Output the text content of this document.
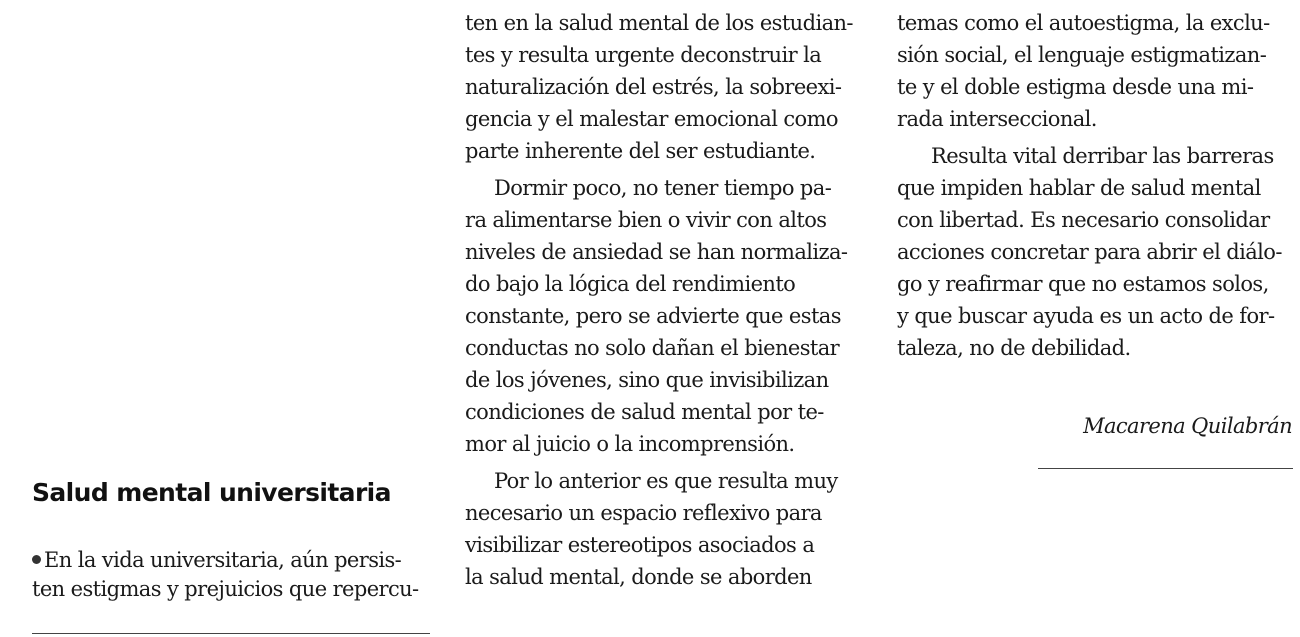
Salud mental universitaria
En la vida universitaria, aún persis-
ten estigmas y prejuicios que repercu-
ten en la salud mental de los estudian-
tes y resulta urgente deconstruir la
naturalización del estrés, la sobreexi-
gencia y el malestar emocional como
parte inherente del ser estudiante.
Dormir poco, no tener tiempo pa-
ra alimentarse bien o vivir con altos
niveles de ansiedad se han normaliza-
do bajo la lógica del rendimiento
constante, pero se advierte que estas
conductas no solo dañan el bienestar
de los jóvenes, sino que invisibilizan
condiciones de salud mental por te-
mor al juicio o la incomprensión.
Por lo anterior es que resulta muy
necesario un espacio reflexivo para
visibilizar estereotipos asociados a
la salud mental, donde se aborden
temas como el autoestigma, la exclu-
sión social, el lenguaje estigmatizan-
te y el doble estigma desde una mi-
rada interseccional.
Resulta vital derribar las barreras
que impiden hablar de salud mental
con libertad. Es necesario consolidar
acciones concretar para abrir el diálo-
go y reafirmar que no estamos solos,
y que buscar ayuda es un acto de for-
taleza, no de debilidad.
Macarena Quilabrán
